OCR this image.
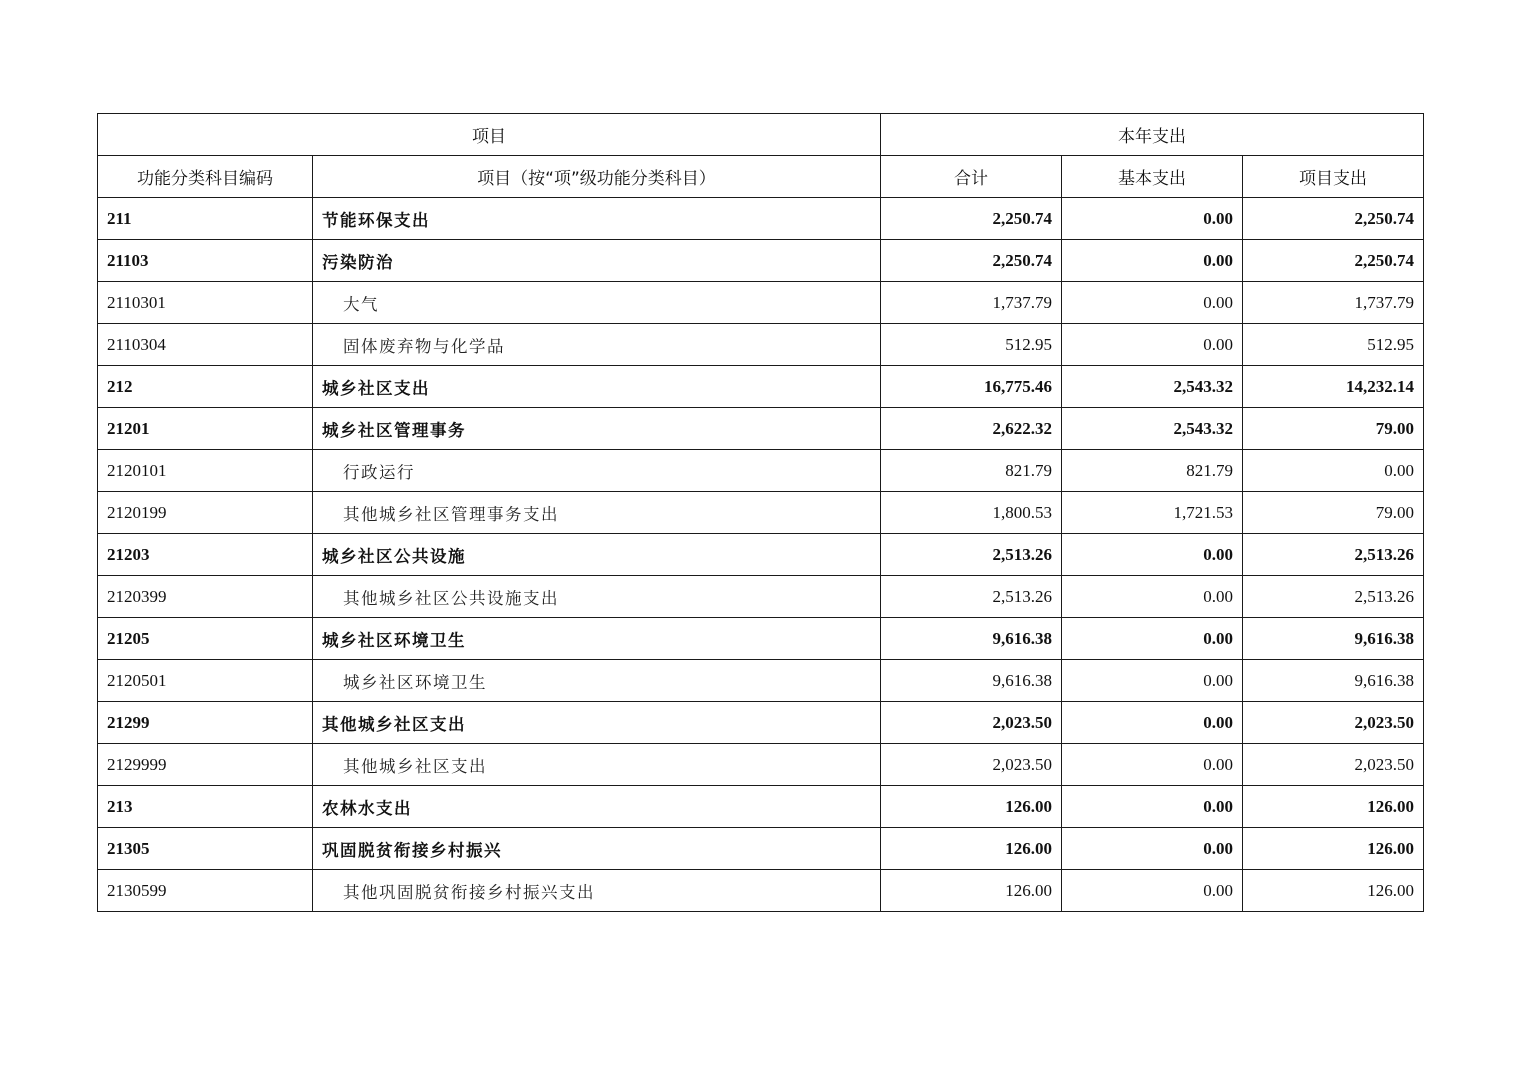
项目		本年支出		
功能分类科目编码	项目（按“项”级功能分类科目）	合计	基本支出	项目支出
211	节能环保支出	2,250.74	0.00	2,250.74
21103	污染防治	2,250.74	0.00	2,250.74
2110301	大气	1,737.79	0.00	1,737.79
2110304	固体废弃物与化学品	512.95	0.00	512.95
212	城乡社区支出	16,775.46	2,543.32	14,232.14
21201	城乡社区管理事务	2,622.32	2,543.32	79.00
2120101	行政运行	821.79	821.79	0.00
2120199	其他城乡社区管理事务支出	1,800.53	1,721.53	79.00
21203	城乡社区公共设施	2,513.26	0.00	2,513.26
2120399	其他城乡社区公共设施支出	2,513.26	0.00	2,513.26
21205	城乡社区环境卫生	9,616.38	0.00	9,616.38
2120501	城乡社区环境卫生	9,616.38	0.00	9,616.38
21299	其他城乡社区支出	2,023.50	0.00	2,023.50
2129999	其他城乡社区支出	2,023.50	0.00	2,023.50
213	农林水支出	126.00	0.00	126.00
21305	巩固脱贫衔接乡村振兴	126.00	0.00	126.00
2130599	其他巩固脱贫衔接乡村振兴支出	126.00	0.00	126.00
